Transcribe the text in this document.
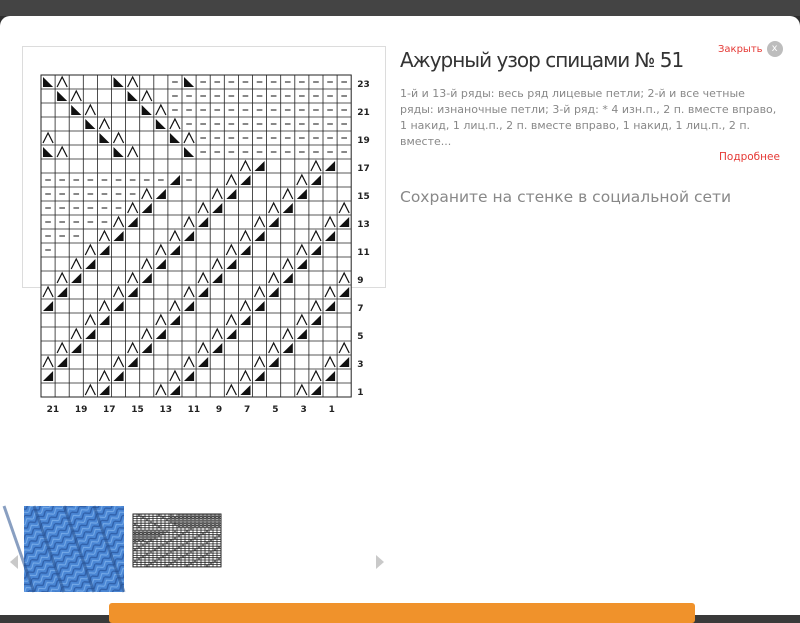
23
21
19
17
15
13
11
9
7
5
3
1
21 19 17 15 13 11 9 7 5 3 1
Ажурный узор спицами № 51	Закрыть x
1-й и 13-й ряды: весь ряд лицевые петли; 2-й и все четные ряды: изнаночные петли; 3-й ряд: * 4 изн.п., 2 п. вместе вправо, 1 накид, 1 лиц.п., 2 п. вместе вправо, 1 накид, 1 лиц.п., 2 п. вместе...
Подробнее
Сохраните на стенке в социальной сети
